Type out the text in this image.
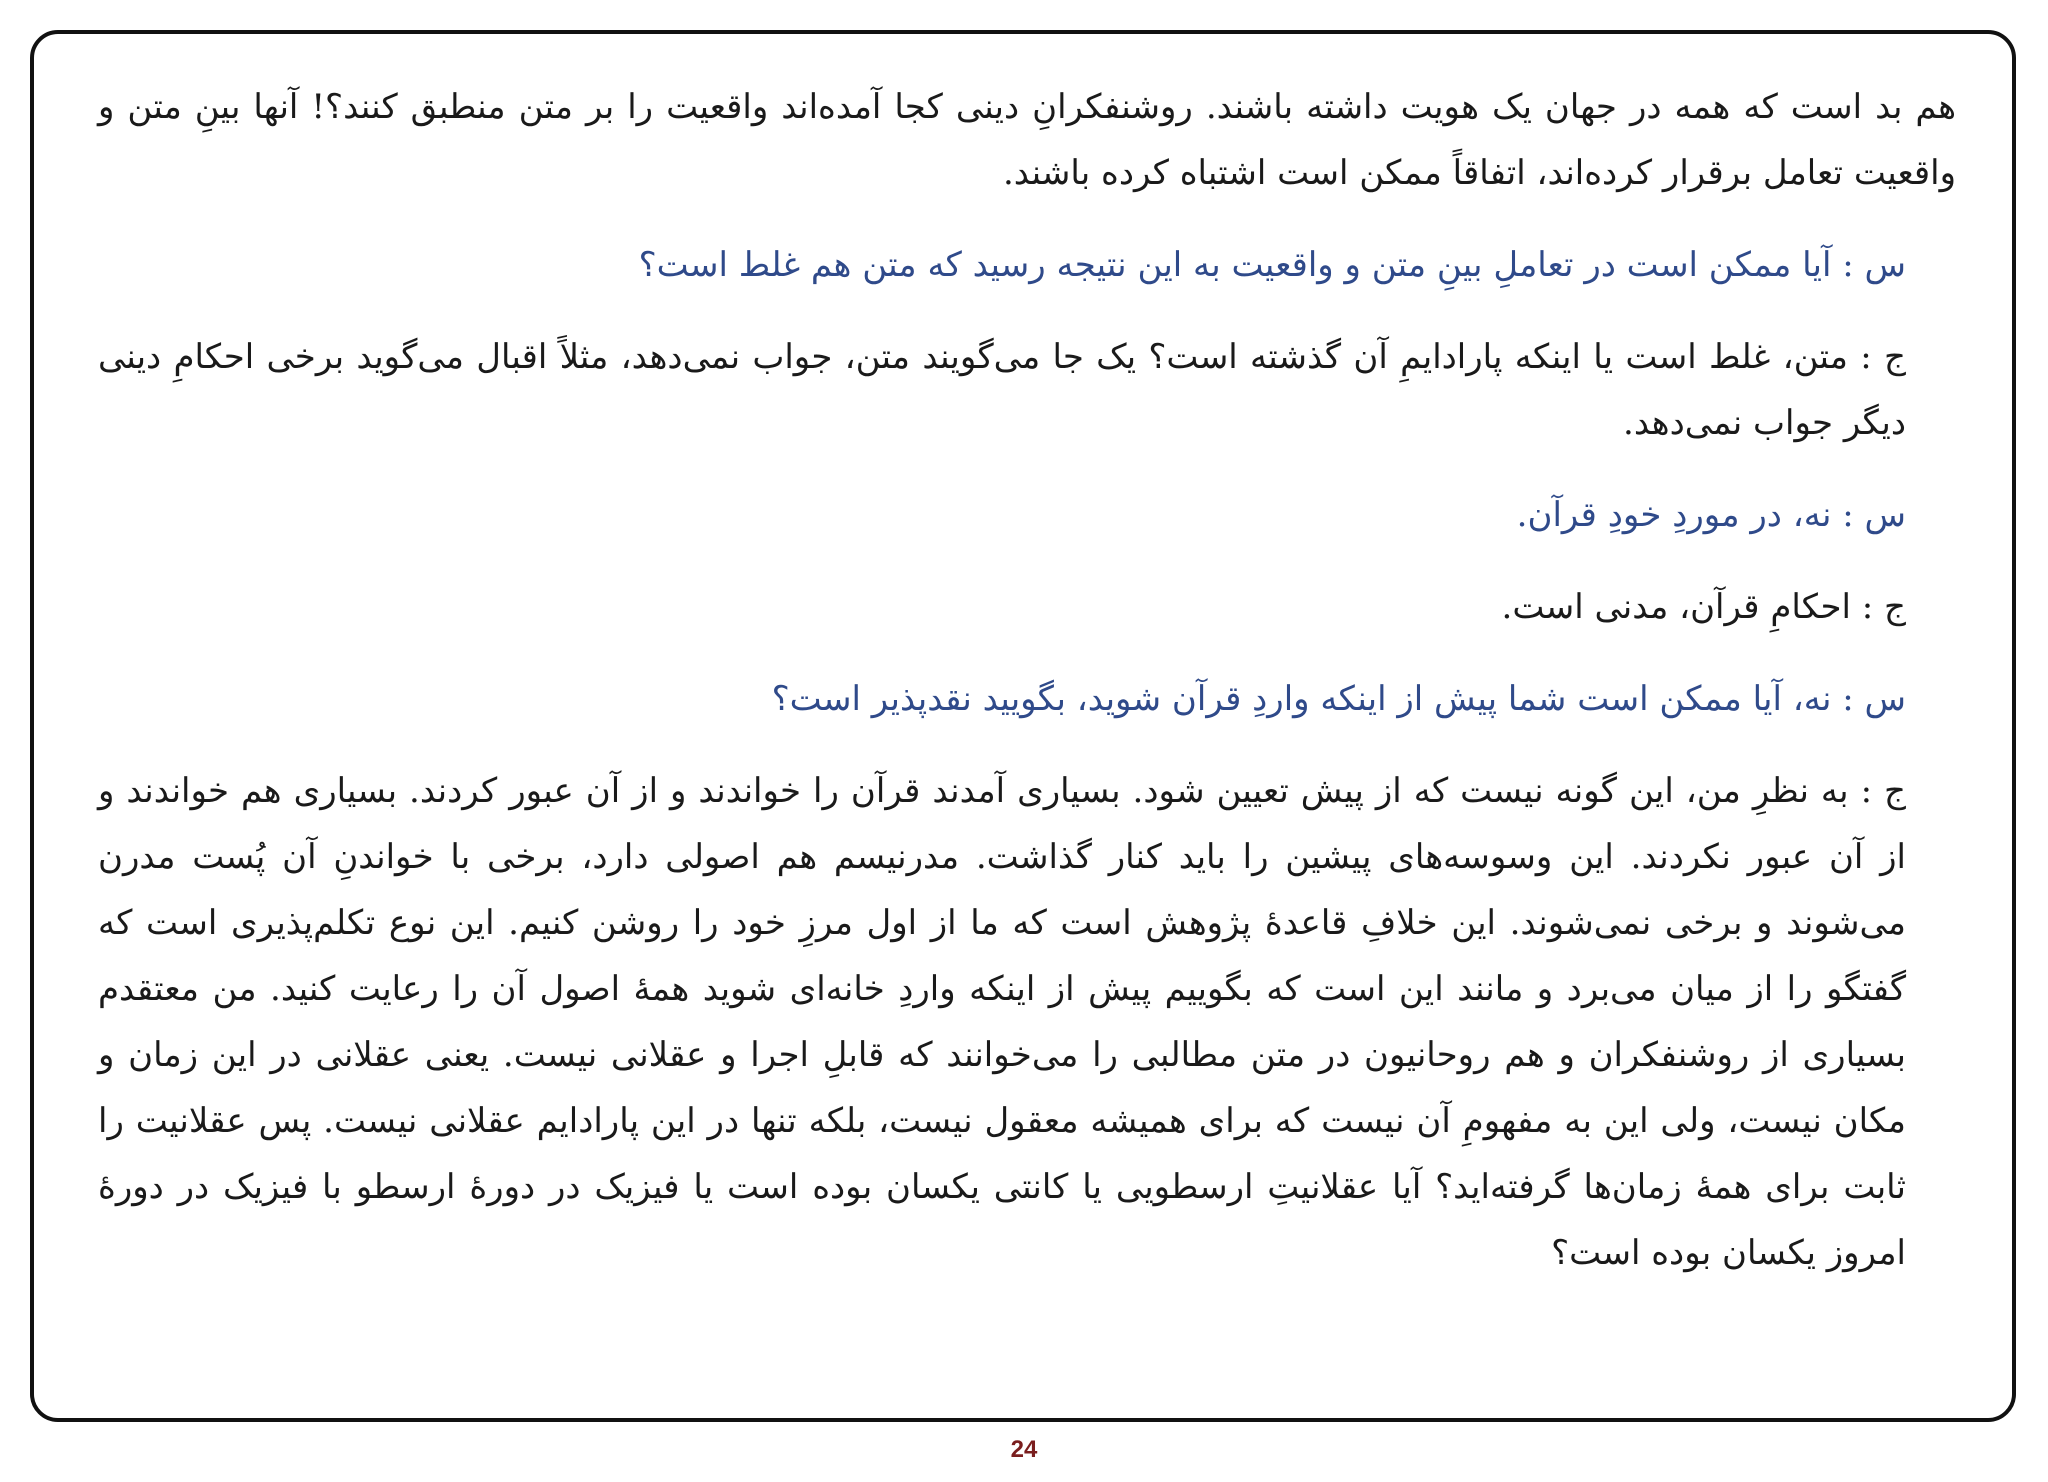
هم بد است که همه در جهان یک هویت داشته باشند. روشنفکرانِ دینی کجا آمده‌اند واقعیت را بر متن منطبق کنند؟! آنها بینِ متن و واقعیت تعامل برقرار کرده‌اند، اتفاقاً ممکن است اشتباه کرده باشند.

س : آیا ممکن است در تعاملِ بینِ متن و واقعیت به این نتیجه رسید که متن هم غلط است؟

ج : متن، غلط است یا اینکه پارادایمِ آن گذشته است؟ یک جا می‌گویند متن، جواب نمی‌دهد، مثلاً اقبال می‌گوید برخی احکامِ دینی دیگر جواب نمی‌دهد.

س : نه، در موردِ خودِ قرآن.

ج : احکامِ قرآن، مدنی است.

س : نه، آیا ممکن است شما پیش از اینکه واردِ قرآن شوید، بگویید نقدپذیر است؟

ج : به نظرِ من، این گونه نیست که از پیش تعیین شود. بسیاری آمدند قرآن را خواندند و از آن عبور کردند. بسیاری هم خواندند و از آن عبور نکردند. این وسوسه‌های پیشین را باید کنار گذاشت. مدرنیسم هم اصولی دارد، برخی با خواندنِ آن پُست مدرن می‌شوند و برخی نمی‌شوند. این خلافِ قاعدهٔ پژوهش است که ما از اول مرزِ خود را روشن کنیم. این نوع تکلم‌پذیری است که گفتگو را از میان می‌برد و مانند این است که بگوییم پیش از اینکه واردِ خانه‌ای شوید همهٔ اصول آن را رعایت کنید. من معتقدم بسیاری از روشنفکران و هم روحانیون در متن مطالبی را می‌خوانند که قابلِ اجرا و عقلانی نیست. یعنی عقلانی در این زمان و مکان نیست، ولی این به مفهومِ آن نیست که برای همیشه معقول نیست، بلکه تنها در این پارادایم عقلانی نیست. پس عقلانیت را ثابت برای همهٔ زمان‌ها گرفته‌اید؟ آیا عقلانیتِ ارسطویی یا کانتی یکسان بوده است یا فیزیک در دورهٔ ارسطو با فیزیک در دورهٔ امروز یکسان بوده است؟

24
